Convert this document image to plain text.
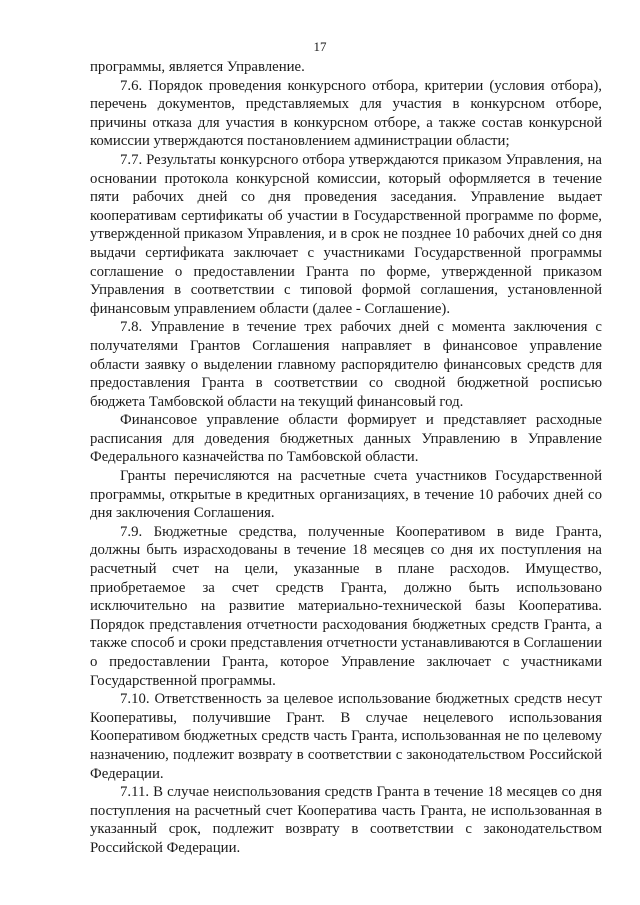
17

программы, является Управление.

7.6. Порядок проведения конкурсного отбора, критерии (условия отбора), перечень документов, представляемых для участия в конкурсном отборе, причины отказа для участия в конкурсном отборе, а также состав конкурсной комиссии утверждаются постановлением администрации области;

7.7. Результаты конкурсного отбора утверждаются приказом Управления, на основании протокола конкурсной комиссии, который оформляется в течение пяти рабочих дней со дня проведения заседания. Управление выдает кооперативам сертификаты об участии в Государственной программе по форме, утвержденной приказом Управления, и в срок не позднее 10 рабочих дней со дня выдачи сертификата заключает с участниками Государственной программы соглашение о предоставлении Гранта по форме, утвержденной приказом Управления в соответствии с типовой формой соглашения, установленной финансовым управлением области (далее - Соглашение).

7.8. Управление в течение трех рабочих дней с момента заключения с получателями Грантов Соглашения направляет в финансовое управление области заявку о выделении главному распорядителю финансовых средств для предоставления Гранта в соответствии со сводной бюджетной росписью бюджета Тамбовской области на текущий финансовый год.

Финансовое управление области формирует и представляет расходные расписания для доведения бюджетных данных Управлению в Управление Федерального казначейства по Тамбовской области.

Гранты перечисляются на расчетные счета участников Государственной программы, открытые в кредитных организациях, в течение 10 рабочих дней со дня заключения Соглашения.

7.9. Бюджетные средства, полученные Кооперативом в виде Гранта, должны быть израсходованы в течение 18 месяцев со дня их поступления на расчетный счет на цели, указанные в плане расходов. Имущество, приобретаемое за счет средств Гранта, должно быть использовано исключительно на развитие материально-технической базы Кооператива. Порядок представления отчетности расходования бюджетных средств Гранта, а также способ и сроки представления отчетности устанавливаются в Соглашении о предоставлении Гранта, которое Управление заключает с участниками Государственной программы.

7.10. Ответственность за целевое использование бюджетных средств несут Кооперативы, получившие Грант. В случае нецелевого использования Кооперативом бюджетных средств часть Гранта, использованная не по целевому назначению, подлежит возврату в соответствии с законодательством Российской Федерации.

7.11. В случае неиспользования средств Гранта в течение 18 месяцев со дня поступления на расчетный счет Кооператива часть Гранта, не использованная в указанный срок, подлежит возврату в соответствии с законодательством Российской Федерации.
